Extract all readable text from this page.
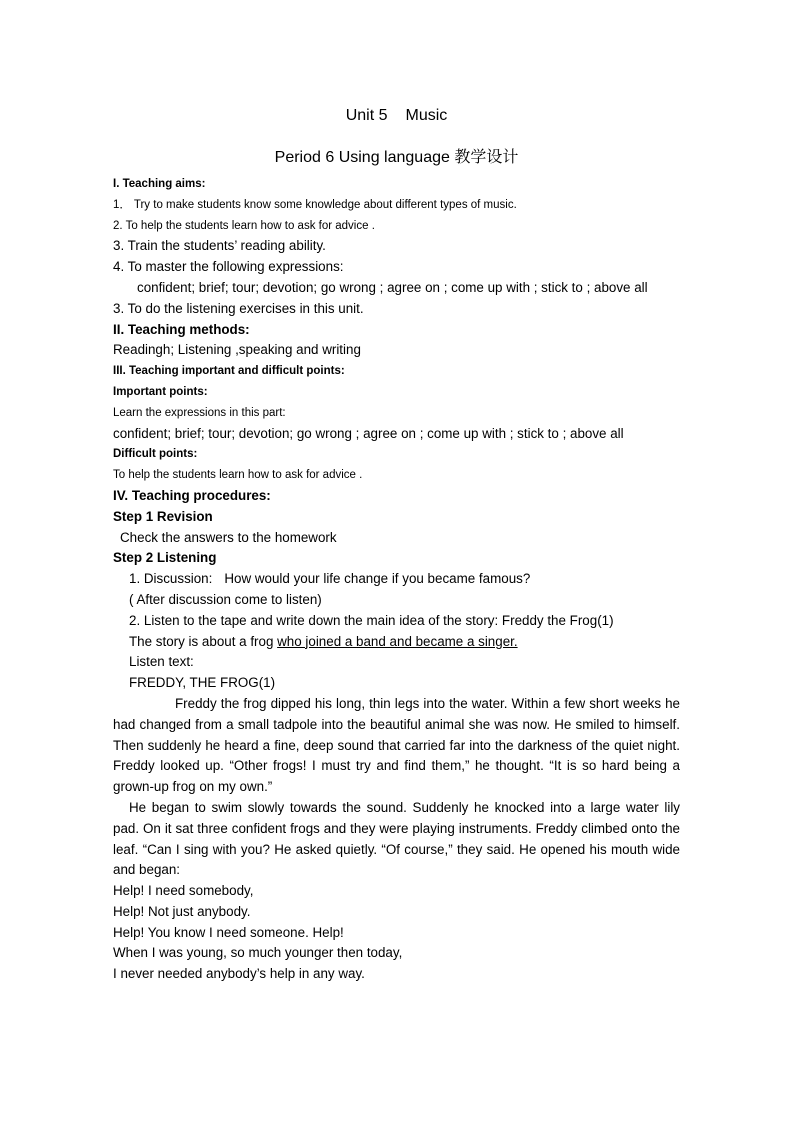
Unit 5 Music
Period 6 Using language 教学设计
I. Teaching aims:
1． Try to make students know some knowledge about different types of music.
2. To help the students learn how to ask for advice .
3. Train the students’ reading ability.
4. To master the following expressions:
confident; brief; tour; devotion; go wrong ; agree on ; come up with ; stick to ; above all
3. To do the listening exercises in this unit.
II. Teaching methods:
Readingh; Listening ,speaking and writing
III. Teaching important and difficult points:
Important points:
Learn the expressions in this part:
confident; brief; tour; devotion; go wrong ; agree on ; come up with ; stick to ; above all
Difficult points:
To help the students learn how to ask for advice .
IV. Teaching procedures:
Step 1 Revision
Check the answers to the homework
Step 2 Listening
1. Discussion: How would your life change if you became famous?
( After discussion come to listen)
2. Listen to the tape and write down the main idea of the story: Freddy the Frog(1)
The story is about a frog who joined a band and became a singer.
Listen text:
FREDDY, THE FROG(1)
Freddy the frog dipped his long, thin legs into the water. Within a few short weeks he had changed from a small tadpole into the beautiful animal she was now. He smiled to himself. Then suddenly he heard a fine, deep sound that carried far into the darkness of the quiet night. Freddy looked up. “Other frogs! I must try and find them,” he thought. “It is so hard being a grown-up frog on my own.”
He began to swim slowly towards the sound. Suddenly he knocked into a large water lily pad. On it sat three confident frogs and they were playing instruments. Freddy climbed onto the leaf. “Can I sing with you? He asked quietly. “Of course,” they said. He opened his mouth wide and began:
Help! I need somebody,
Help! Not just anybody.
Help! You know I need someone. Help!
When I was young, so much younger then today,
I never needed anybody’s help in any way.
